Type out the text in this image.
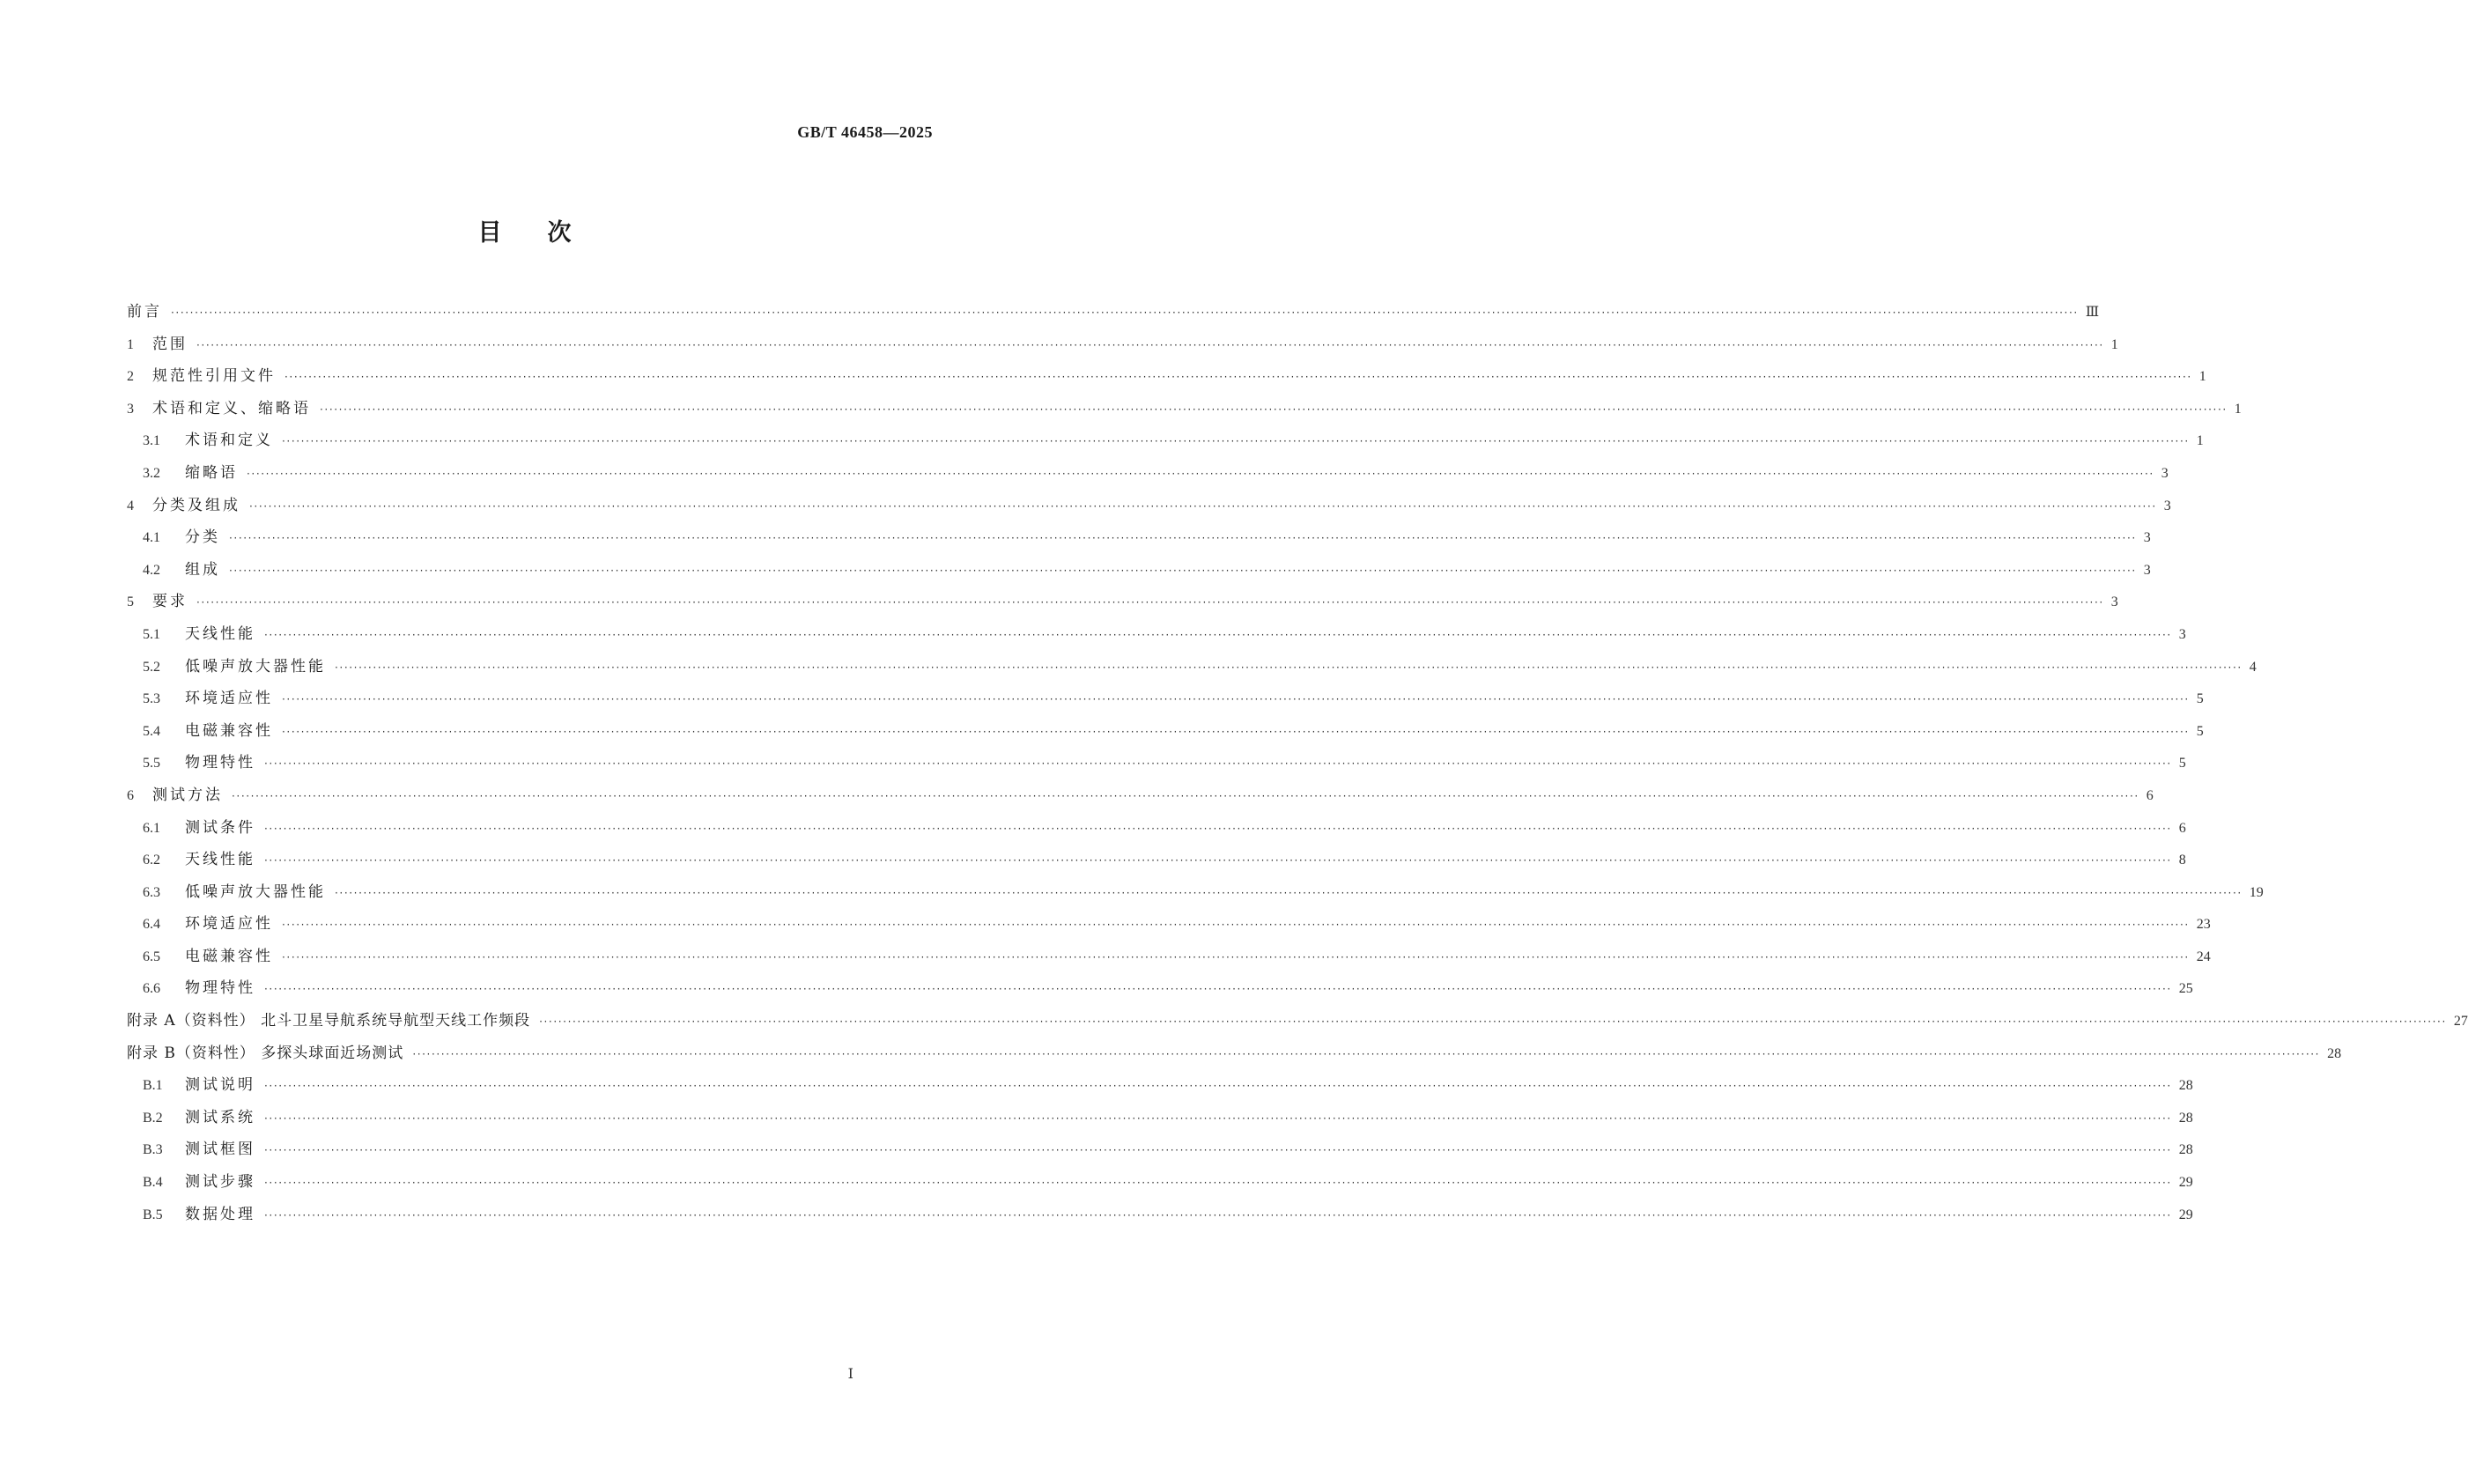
GB/T 46458—2025
目次
前言 ················································································································································································································································································································································································································ Ⅲ
1	范围 ················································································································································································································································································································································································································ 1
2	规范性引用文件 ················································································································································································································································································································································································································ 1
3	术语和定义、缩略语 ················································································································································································································································································································································································································ 1
3.1	术语和定义 ················································································································································································································································································································································································································ 1
3.2	缩略语 ················································································································································································································································································································································································································ 3
4	分类及组成 ················································································································································································································································································································································································································ 3
4.1	分类 ················································································································································································································································································································································································································ 3
4.2	组成 ················································································································································································································································································································································································································ 3
5	要求 ················································································································································································································································································································································································································ 3
5.1	天线性能 ················································································································································································································································································································································································································ 3
5.2	低噪声放大器性能 ················································································································································································································································································································································································································ 4
5.3	环境适应性 ················································································································································································································································································································································································································ 5
5.4	电磁兼容性 ················································································································································································································································································································································································································ 5
5.5	物理特性 ················································································································································································································································································································································································································ 5
6	测试方法 ················································································································································································································································································································································································································ 6
6.1	测试条件 ················································································································································································································································································································································································································ 6
6.2	天线性能 ················································································································································································································································································································································································································ 8
6.3	低噪声放大器性能 ················································································································································································································································································································································································································ 19
6.4	环境适应性 ················································································································································································································································································································································································································ 23
6.5	电磁兼容性 ················································································································································································································································································································································································································ 24
6.6	物理特性 ················································································································································································································································································································································································································ 25
附录 A（资料性） 北斗卫星导航系统导航型天线工作频段 ················································································································································································································································································································································································································ 27
附录 B（资料性） 多探头球面近场测试 ················································································································································································································································································································································································································ 28
B.1	测试说明 ················································································································································································································································································································································································································ 28
B.2	测试系统 ················································································································································································································································································································································································································ 28
B.3	测试框图 ················································································································································································································································································································································································································ 28
B.4	测试步骤 ················································································································································································································································································································································································································ 29
B.5	数据处理 ················································································································································································································································································································································································································ 29
Ⅰ
